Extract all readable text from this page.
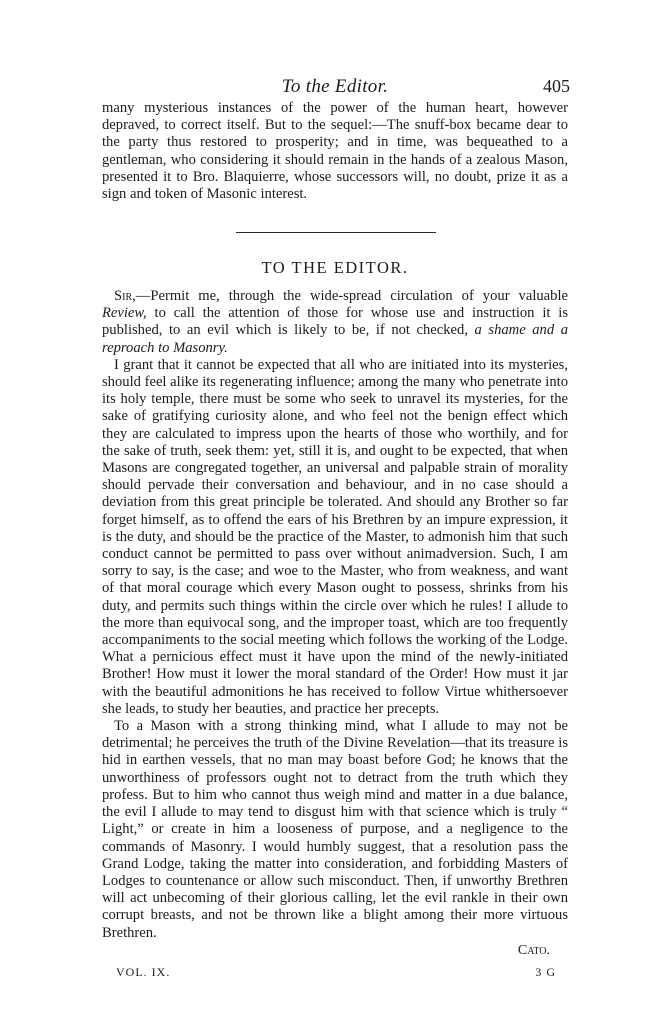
To the Editor.	405

many mysterious instances of the power of the human heart, however depraved, to correct itself. But to the sequel:—The snuff-box became dear to the party thus restored to prosperity; and in time, was bequeathed to a gentleman, who considering it should remain in the hands of a zealous Mason, presented it to Bro. Blaquierre, whose successors will, no doubt, prize it as a sign and token of Masonic interest.

TO THE EDITOR.

Sir,—Permit me, through the wide-spread circulation of your valuable Review, to call the attention of those for whose use and instruction it is published, to an evil which is likely to be, if not checked, a shame and a reproach to Masonry.

I grant that it cannot be expected that all who are initiated into its mysteries, should feel alike its regenerating influence; among the many who penetrate into its holy temple, there must be some who seek to unravel its mysteries, for the sake of gratifying curiosity alone, and who feel not the benign effect which they are calculated to impress upon the hearts of those who worthily, and for the sake of truth, seek them: yet, still it is, and ought to be expected, that when Masons are congregated together, an universal and palpable strain of morality should pervade their conversation and behaviour, and in no case should a deviation from this great principle be tolerated. And should any Brother so far forget himself, as to offend the ears of his Brethren by an impure expression, it is the duty, and should be the practice of the Master, to admonish him that such conduct cannot be permitted to pass over without animadversion. Such, I am sorry to say, is the case; and woe to the Master, who from weakness, and want of that moral courage which every Mason ought to possess, shrinks from his duty, and permits such things within the circle over which he rules! I allude to the more than equivocal song, and the improper toast, which are too frequently accompaniments to the social meeting which follows the working of the Lodge. What a pernicious effect must it have upon the mind of the newly-initiated Brother! How must it lower the moral standard of the Order! How must it jar with the beautiful admonitions he has received to follow Virtue whithersoever she leads, to study her beauties, and practice her precepts.

To a Mason with a strong thinking mind, what I allude to may not be detrimental; he perceives the truth of the Divine Revelation—that its treasure is hid in earthen vessels, that no man may boast before God; he knows that the unworthiness of professors ought not to detract from the truth which they profess. But to him who cannot thus weigh mind and matter in a due balance, the evil I allude to may tend to disgust him with that science which is truly “ Light,” or create in him a looseness of purpose, and a negligence to the commands of Masonry. I would humbly suggest, that a resolution pass the Grand Lodge, taking the matter into consideration, and forbidding Masters of Lodges to countenance or allow such misconduct. Then, if unworthy Brethren will act unbecoming of their glorious calling, let the evil rankle in their own corrupt breasts, and not be thrown like a blight among their more virtuous Brethren.

Cato.

VOL. IX.	3 G
